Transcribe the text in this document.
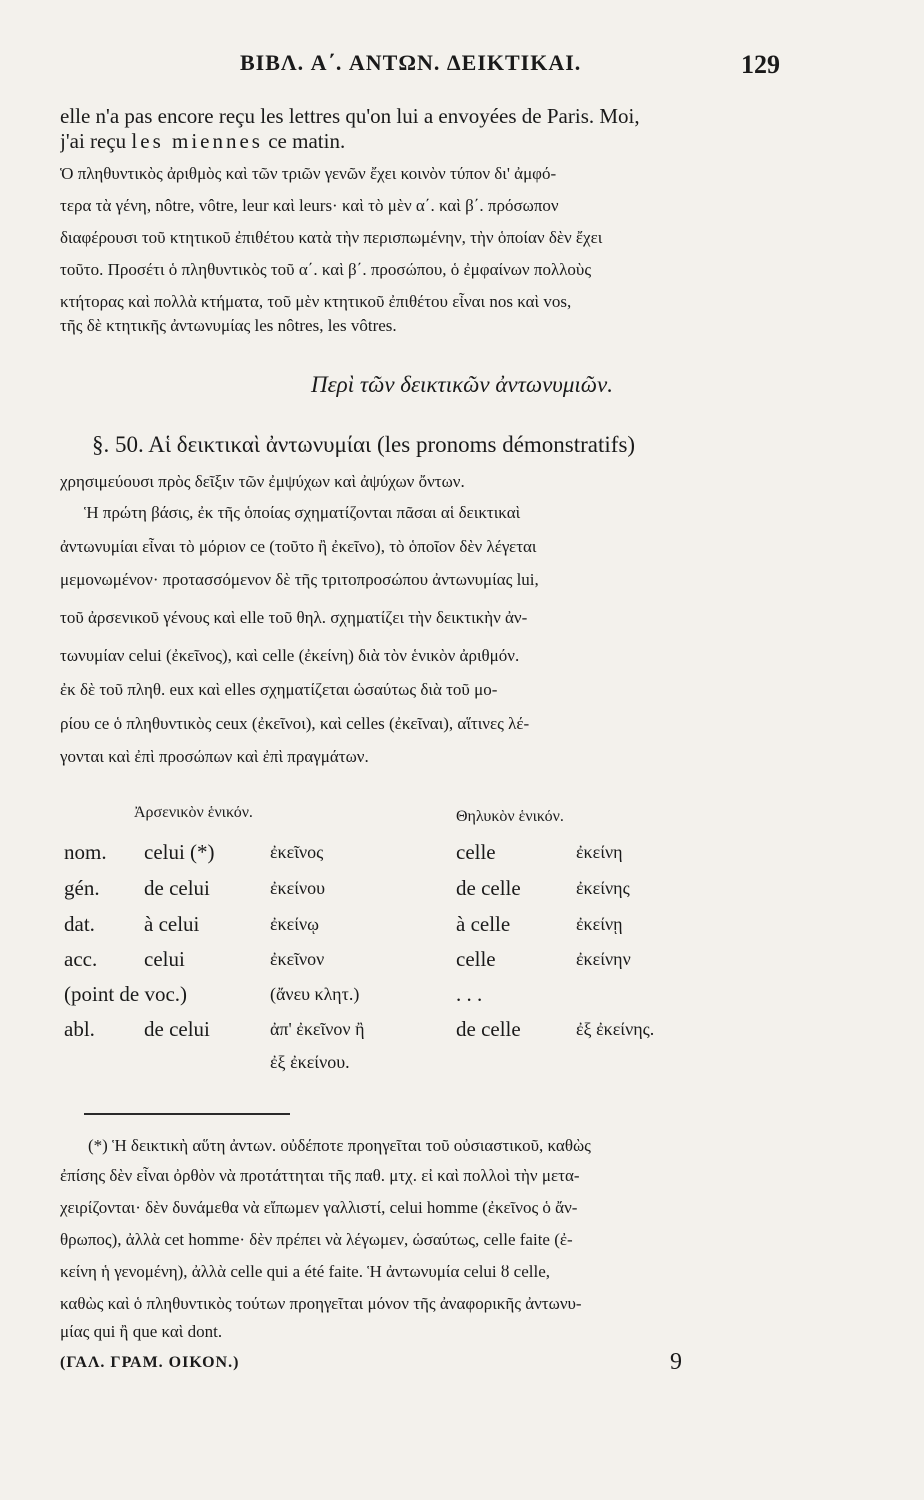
BIBΛ. A΄. ANTΩN. ΔEIKTIKAI.	129
elle n'a pas encore reçu les lettres qu'on lui a envoyées de Paris. Moi,
j'ai reçu les miennes ce matin.
Ὁ πληθυντικὸς ἀριθμὸς καὶ τῶν τριῶν γενῶν ἔχει κοινὸν τύπον δι' ἀμφό-
τερα τὰ γένη, nôtre, vôtre, leur καὶ leurs· καὶ τὸ μὲν α΄. καὶ β΄. πρόσωπον
διαφέρουσι τοῦ κτητικοῦ ἐπιθέτου κατὰ τὴν περισπωμένην, τὴν ὁποίαν δὲν ἔχει
τοῦτο. Προσέτι ὁ πληθυντικὸς τοῦ α΄. καὶ β΄. προσώπου, ὁ ἐμφαίνων πολλοὺς
κτήτορας καὶ πολλὰ κτήματα, τοῦ μὲν κτητικοῦ ἐπιθέτου εἶναι nos καὶ vos,
τῆς δὲ κτητικῆς ἀντωνυμίας les nôtres, les vôtres.
Περὶ τῶν δεικτικῶν ἀντωνυμιῶν.
§. 50. Αἱ δεικτικαὶ ἀντωνυμίαι (les pronoms démonstratifs)
χρησιμεύουσι πρὸς δεῖξιν τῶν ἐμψύχων καὶ ἀψύχων ὄντων.
Ἡ πρώτη βάσις, ἐκ τῆς ὁποίας σχηματίζονται πᾶσαι αἱ δεικτικαὶ
ἀντωνυμίαι εἶναι τὸ μόριον ce (τοῦτο ἢ ἐκεῖνο), τὸ ὁποῖον δὲν λέγεται
μεμονωμένον· προτασσόμενον δὲ τῆς τριτοπροσώπου ἀντωνυμίας lui,
τοῦ ἀρσενικοῦ γένους καὶ elle τοῦ θηλ. σχηματίζει τὴν δεικτικὴν ἀν-
τωνυμίαν celui (ἐκεῖνος), καὶ celle (ἐκείνη) διὰ τὸν ἑνικὸν ἀριθμόν.
ἐκ δὲ τοῦ πληθ. eux καὶ elles σχηματίζεται ὡσαύτως διὰ τοῦ μο-
ρίου ce ὁ πληθυντικὸς ceux (ἐκεῖνοι), καὶ celles (ἐκεῖναι), αἵτινες λέ-
γονται καὶ ἐπὶ προσώπων καὶ ἐπὶ πραγμάτων.
Ἀρσενικὸν ἑνικόν.	Θηλυκὸν ἑνικόν.
nom. celui (*)	ἐκεῖνος	celle	ἐκείνη
gén. de celui	ἐκείνου	de celle	ἐκείνης
dat. à celui	ἐκείνῳ	à celle	ἐκείνῃ
acc. celui	ἐκεῖνον	celle	ἐκείνην
(point de voc.)	(ἄνευ κλητ.)	. . .
abl. de celui	ἀπ' ἐκεῖνον ἢ	de celle	ἐξ ἐκείνης.
ἐξ ἐκείνου.
(*) Ἡ δεικτικὴ αὕτη ἀντων. οὐδέποτε προηγεῖται τοῦ οὐσιαστικοῦ, καθὼς
ἐπίσης δὲν εἶναι ὀρθὸν νὰ προτάττηται τῆς παθ. μτχ. εἰ καὶ πολλοὶ τὴν μετα-
χειρίζονται· δὲν δυνάμεθα νὰ εἴπωμεν γαλλιστί, celui homme (ἐκεῖνος ὁ ἄν-
θρωπος), ἀλλὰ cet homme· δὲν πρέπει νὰ λέγωμεν, ὡσαύτως, celle faite (ἐ-
κείνη ἡ γενομένη), ἀλλὰ celle qui a été faite. Ἡ ἀντωνυμία celui ȣ celle,
καθὼς καὶ ὁ πληθυντικὸς τούτων προηγεῖται μόνον τῆς ἀναφορικῆς ἀντωνυ-
μίας qui ἢ que καὶ dont.
(ΓΑΛ. ΓΡΑΜ. ΟΙΚΟΝ.)	9
